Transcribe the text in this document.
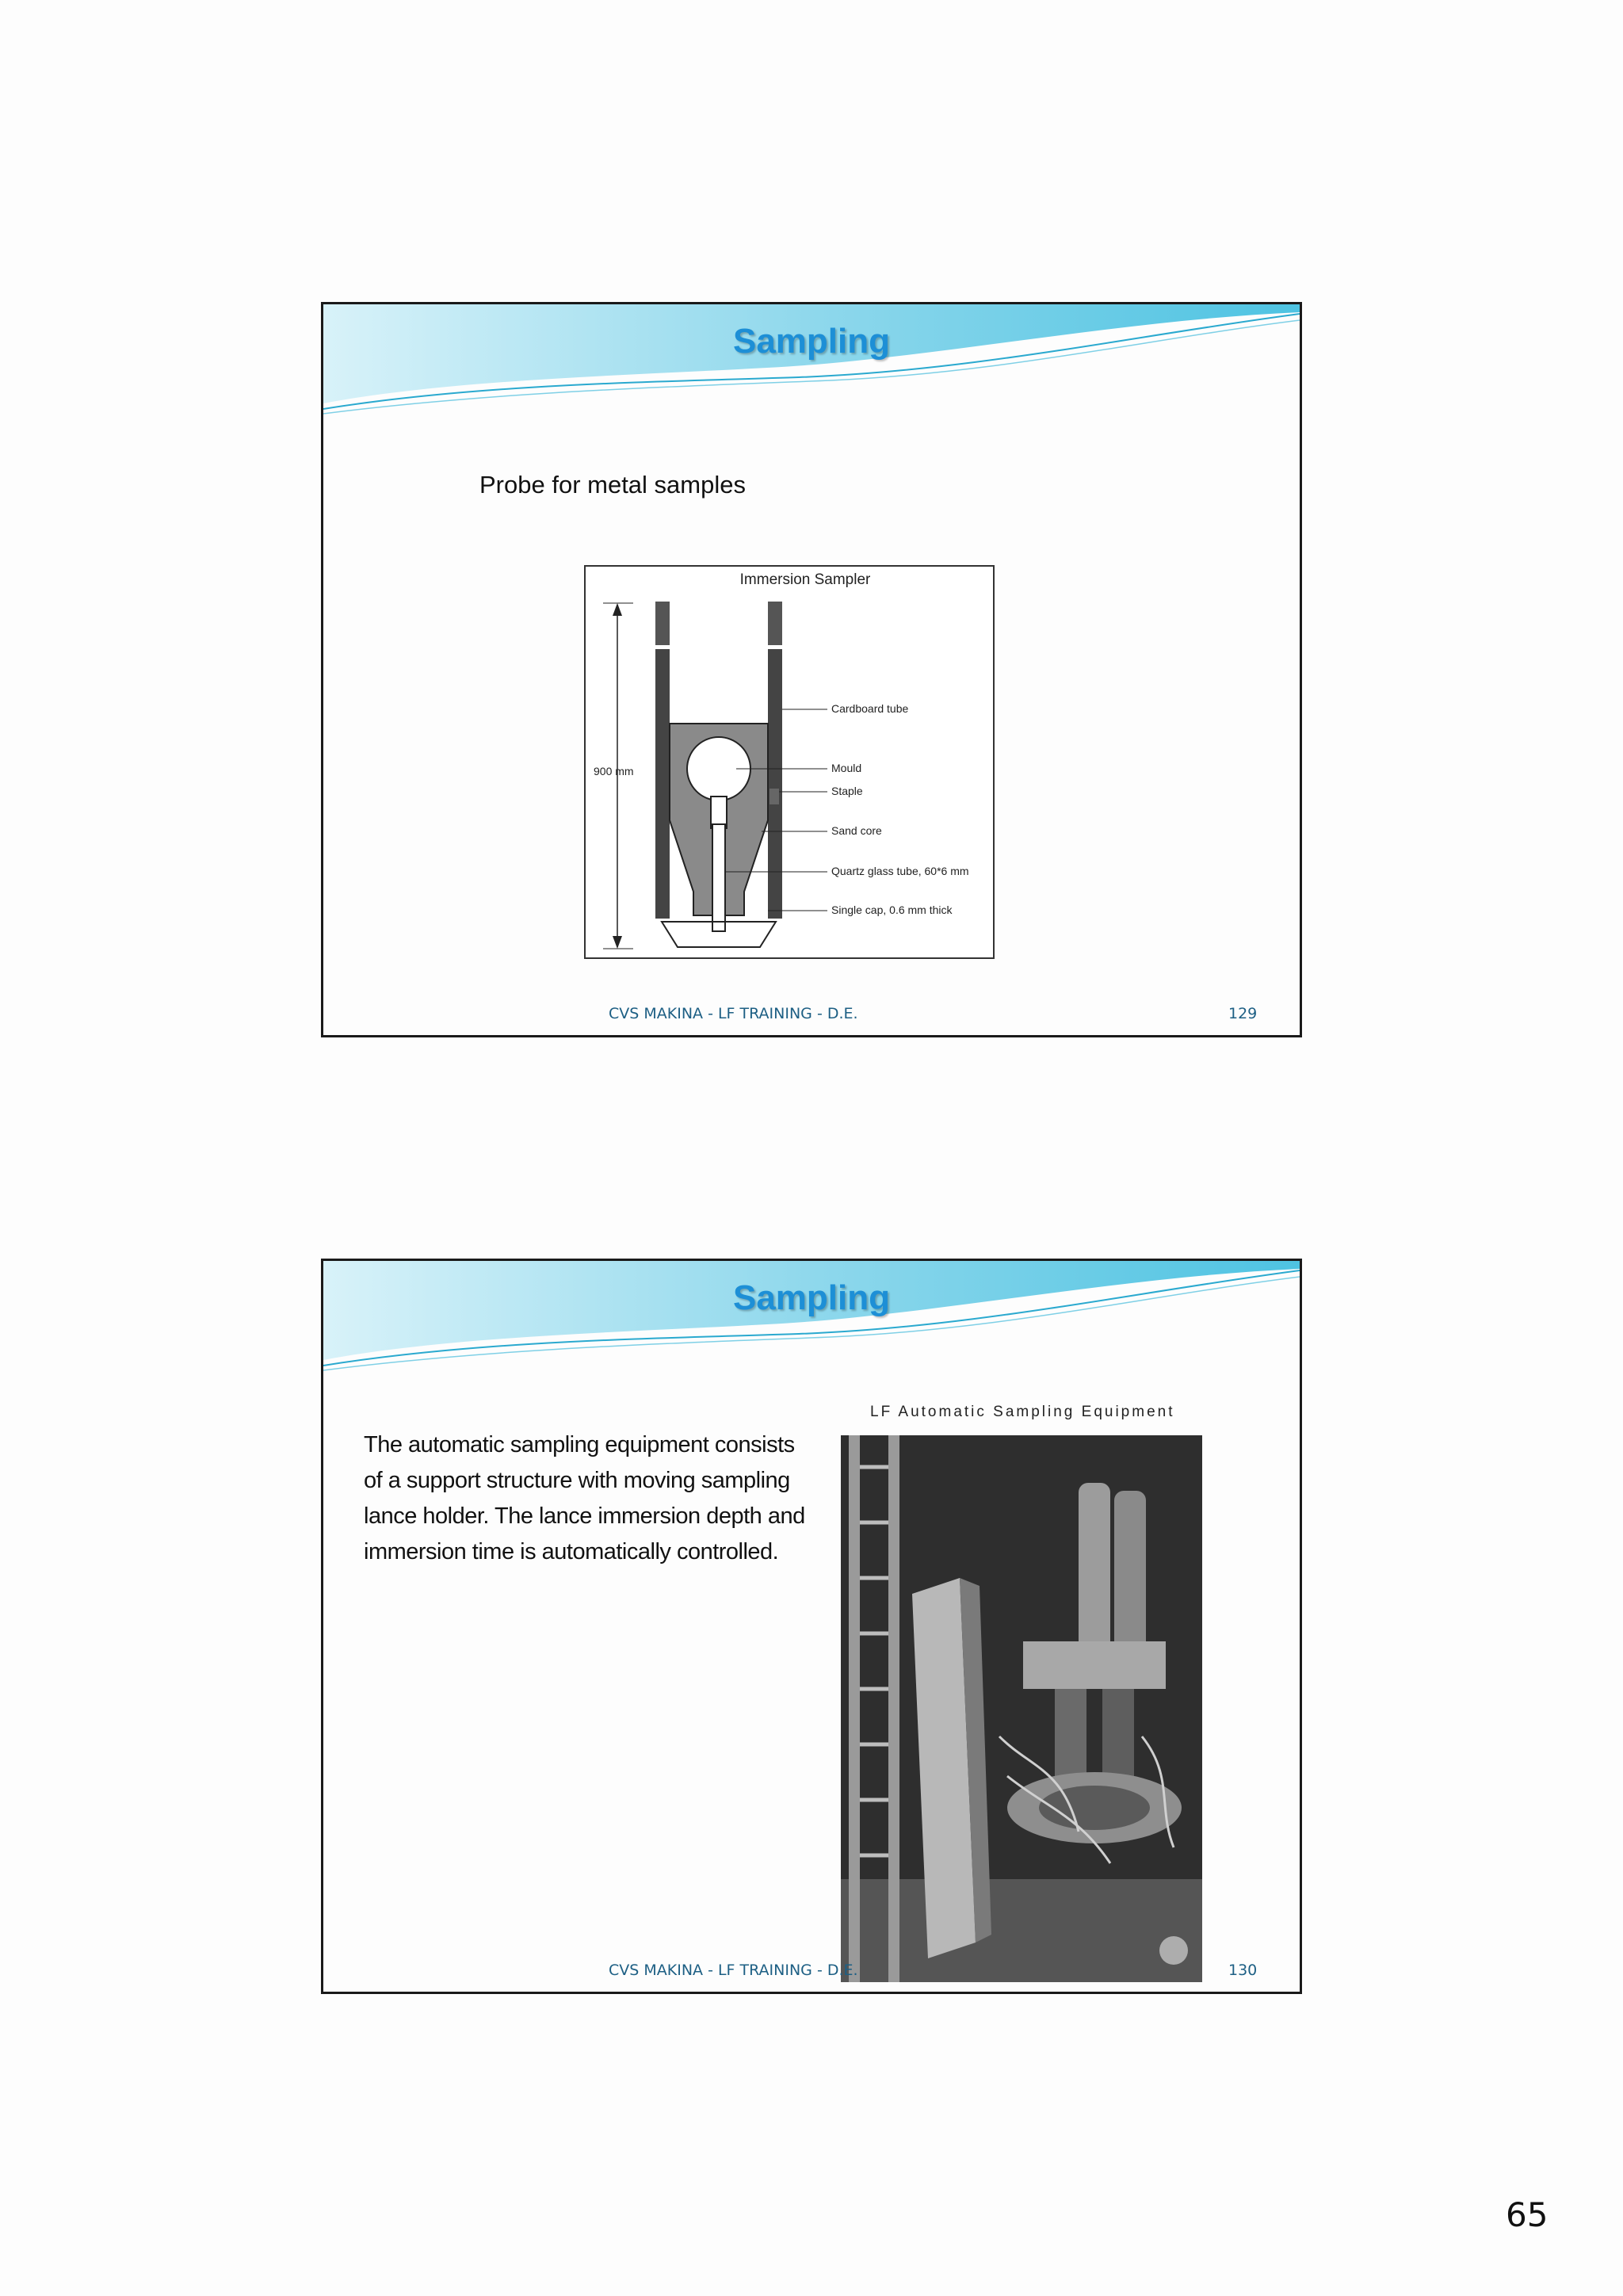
Sampling
Probe for metal samples
Immersion Sampler
900 mm
Cardboard tube
Mould
Staple
Sand core
Quartz glass tube, 60*6 mm
Single cap, 0.6 mm thick
CVS MAKINA - LF TRAINING - D.E.	129
Sampling
The automatic sampling equipment consists of a support structure with moving sampling lance holder. The lance immersion depth and immersion time is automatically controlled.
LF Automatic Sampling Equipment
CVS MAKINA - LF TRAINING - D.E.	130
65
